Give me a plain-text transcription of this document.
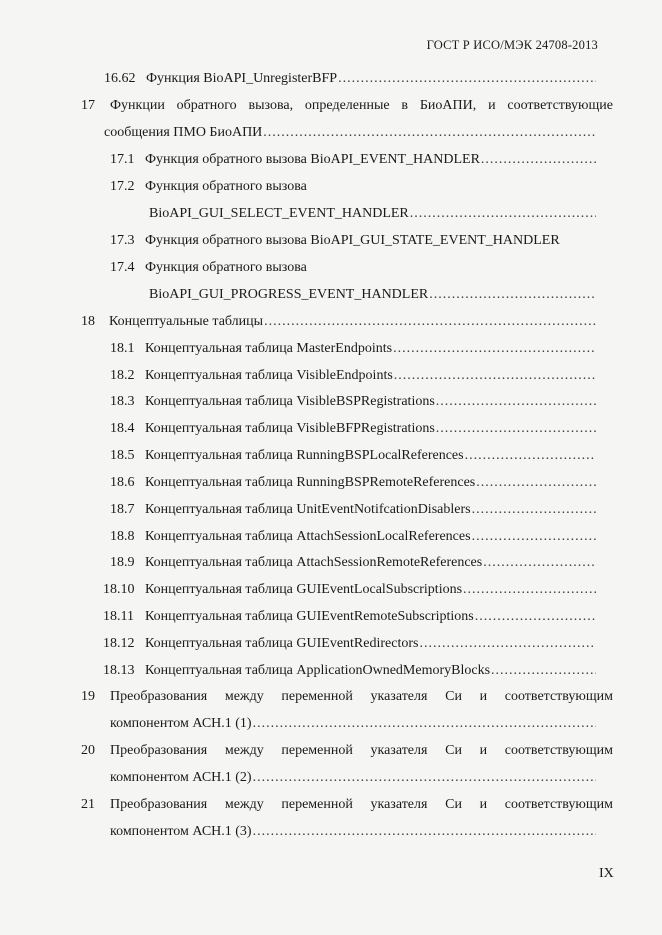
ГОСТ Р ИСО/МЭК 24708-2013
16.62 Функция BioAPI_UnregisterBFP
.....
17 Функции обратного вызова, определенные в БиоАПИ, и соответствующие
сообщения ПМО БиоАПИ
.....
17.1 Функция обратного вызова BioAPI_EVENT_HANDLER
.....
17.2 Функция обратного вызова
BioAPI_GUI_SELECT_EVENT_HANDLER
.....
17.3 Функция обратного вызова BioAPI_GUI_STATE_EVENT_HANDLER
17.4 Функция обратного вызова
BioAPI_GUI_PROGRESS_EVENT_HANDLER
.....
18 Концептуальные таблицы
.....
18.1 Концептуальная таблица MasterEndpoints
.....
18.2 Концептуальная таблица VisibleEndpoints
.....
18.3 Концептуальная таблица VisibleBSPRegistrations
.....
18.4 Концептуальная таблица VisibleBFPRegistrations
.....
18.5 Концептуальная таблица RunningBSPLocalReferences
.....
18.6 Концептуальная таблица RunningBSPRemoteReferences
.....
18.7 Концептуальная таблица UnitEventNotifcationDisablers
.....
18.8 Концептуальная таблица AttachSessionLocalReferences
.....
18.9 Концептуальная таблица AttachSessionRemoteReferences
.....
18.10 Концептуальная таблица GUIEventLocalSubscriptions
.....
18.11 Концептуальная таблица GUIEventRemoteSubscriptions
.....
18.12 Концептуальная таблица GUIEventRedirectors
.....
18.13 Концептуальная таблица ApplicationOwnedMemoryBlocks
.....
19 Преобразования между переменной указателя Си и соответствующим
компонентом АСН.1 (1)
.....
20 Преобразования между переменной указателя Си и соответствующим
компонентом АСН.1 (2)
.....
21 Преобразования между переменной указателя Си и соответствующим
компонентом АСН.1 (3)
.....
IX
